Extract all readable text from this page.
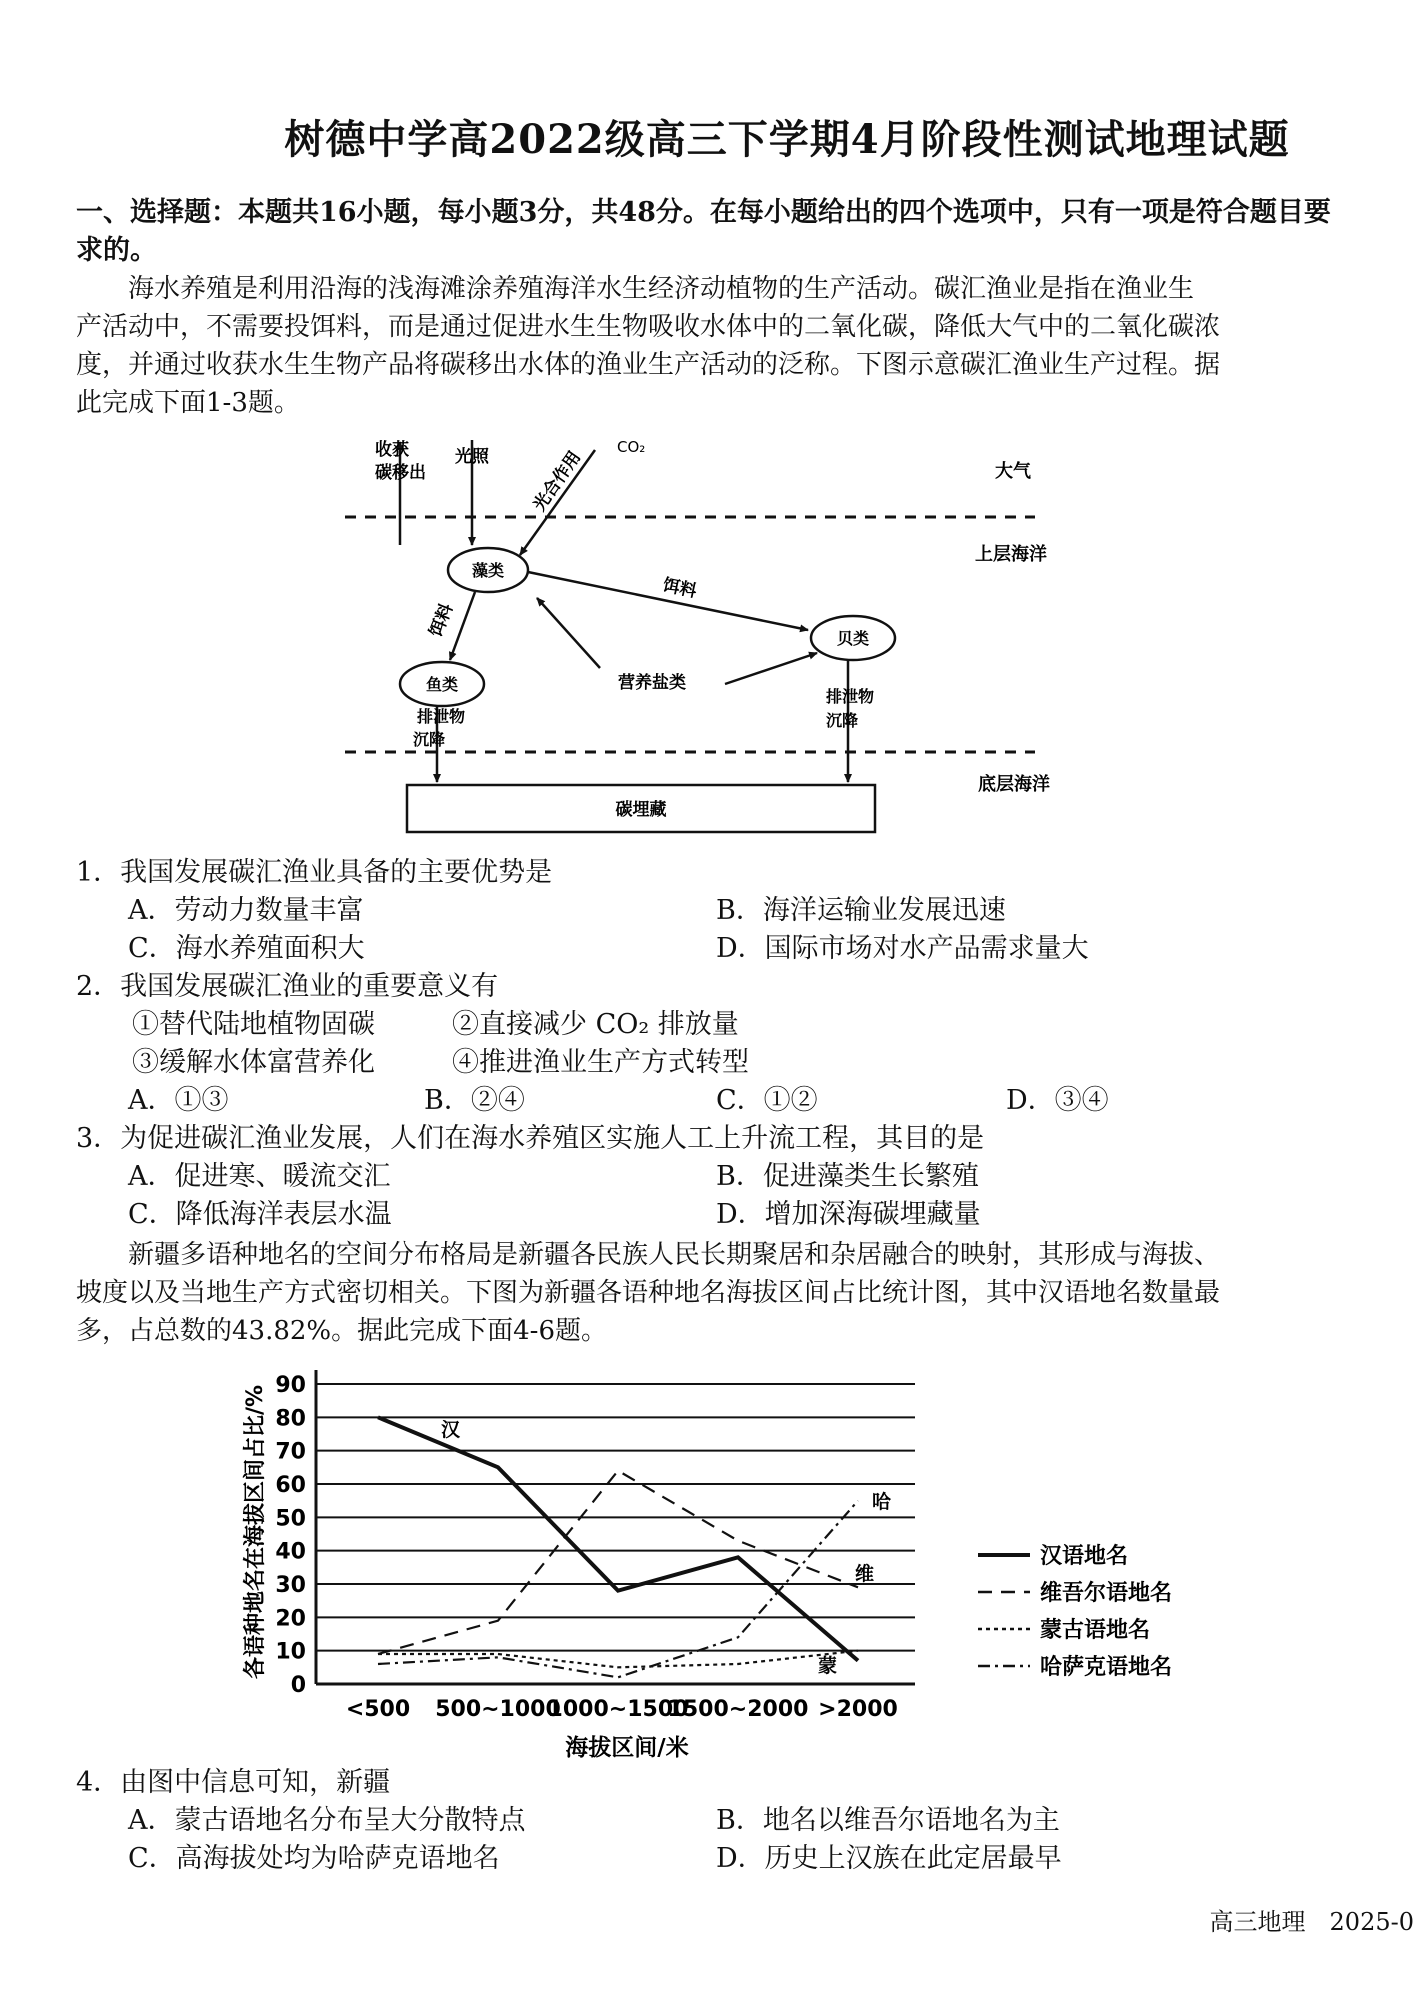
树德中学高2022级高三下学期4月阶段性测试地理试题
一、选择题：本题共16小题，每小题3分，共48分。在每小题给出的四个选项中，只有一项是符合题目要求的。
海水养殖是利用沿海的浅海滩涂养殖海洋水生经济动植物的生产活动。碳汇渔业是指在渔业生
产活动中，不需要投饵料，而是通过促进水生生物吸收水体中的二氧化碳，降低大气中的二氧化碳浓
度，并通过收获水生生物产品将碳移出水体的渔业生产活动的泛称。下图示意碳汇渔业生产过程。据
此完成下面1-3题。
收获
碳移出
光照 光合作用
CO₂
大气
上层海洋
藻类
贝类
鱼类
饵料
饵料
营养盐类
排泄物
沉降
排泄物
沉降
底层海洋
碳埋藏
1．我国发展碳汇渔业具备的主要优势是
A．劳动力数量丰富	B．海洋运输业发展迅速
C．海水养殖面积大	D．国际市场对水产品需求量大
2．我国发展碳汇渔业的重要意义有
①替代陆地植物固碳	②直接减少 CO₂ 排放量
③缓解水体富营养化	④推进渔业生产方式转型
A．①③	B．②④	C．①②	D．③④
3．为促进碳汇渔业发展，人们在海水养殖区实施人工上升流工程，其目的是
A．促进寒、暖流交汇	B．促进藻类生长繁殖
C．降低海洋表层水温	D．增加深海碳埋藏量
新疆多语种地名的空间分布格局是新疆各民族人民长期聚居和杂居融合的映射，其形成与海拔、
坡度以及当地生产方式密切相关。下图为新疆各语种地名海拔区间占比统计图，其中汉语地名数量最
多，占总数的43.82%。据此完成下面4-6题。
汉
维
蒙
哈
0
10
20
30
40
50
60
70
80
90
<500 500~1000
1000~1500
1500~2000 >2000
各语种地名在海拔区间占比/%
海拔区间/米
汉语地名
维吾尔语地名
蒙古语地名
哈萨克语地名
4．由图中信息可知，新疆
A．蒙古语地名分布呈大分散特点	B．地名以维吾尔语地名为主
C．高海拔处均为哈萨克语地名	D．历史上汉族在此定居最早
高三地理　2025-0
